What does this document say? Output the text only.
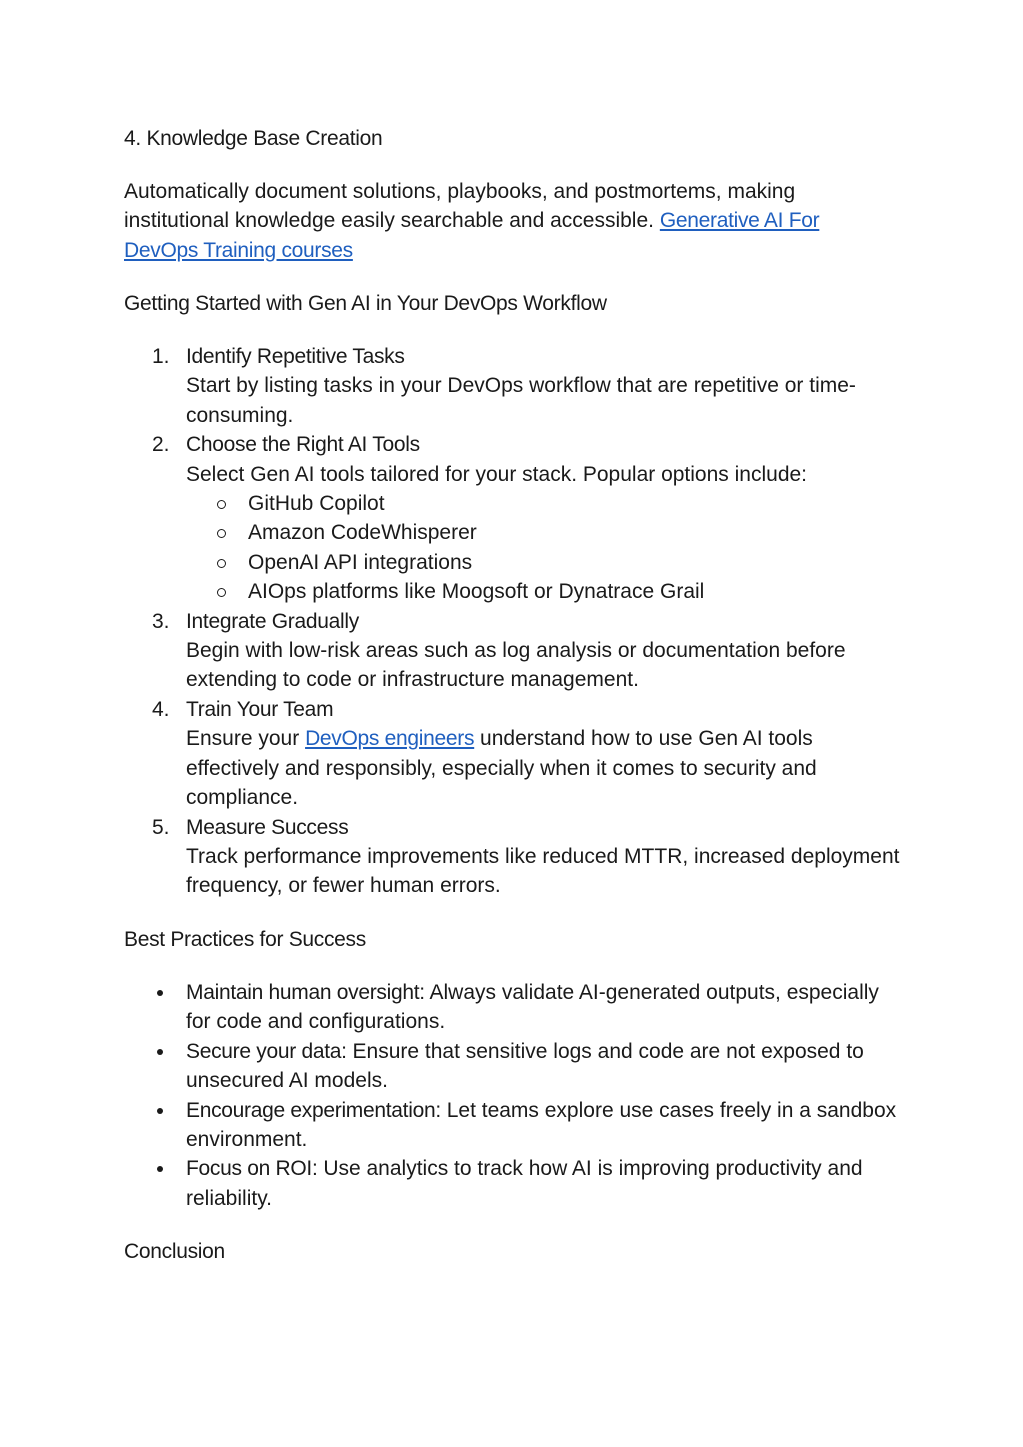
4. Knowledge Base Creation

Automatically document solutions, playbooks, and postmortems, making institutional knowledge easily searchable and accessible. Generative AI For DevOps Training courses

Getting Started with Gen AI in Your DevOps Workflow

1. Identify Repetitive Tasks
Start by listing tasks in your DevOps workflow that are repetitive or time-consuming.
2. Choose the Right AI Tools
Select Gen AI tools tailored for your stack. Popular options include:
GitHub Copilot
Amazon CodeWhisperer
OpenAI API integrations
AIOps platforms like Moogsoft or Dynatrace Grail
3. Integrate Gradually
Begin with low-risk areas such as log analysis or documentation before extending to code or infrastructure management.
4. Train Your Team
Ensure your DevOps engineers understand how to use Gen AI tools effectively and responsibly, especially when it comes to security and compliance.
5. Measure Success
Track performance improvements like reduced MTTR, increased deployment frequency, or fewer human errors.

Best Practices for Success

Maintain human oversight: Always validate AI-generated outputs, especially for code and configurations.
Secure your data: Ensure that sensitive logs and code are not exposed to unsecured AI models.
Encourage experimentation: Let teams explore use cases freely in a sandbox environment.
Focus on ROI: Use analytics to track how AI is improving productivity and reliability.

Conclusion
